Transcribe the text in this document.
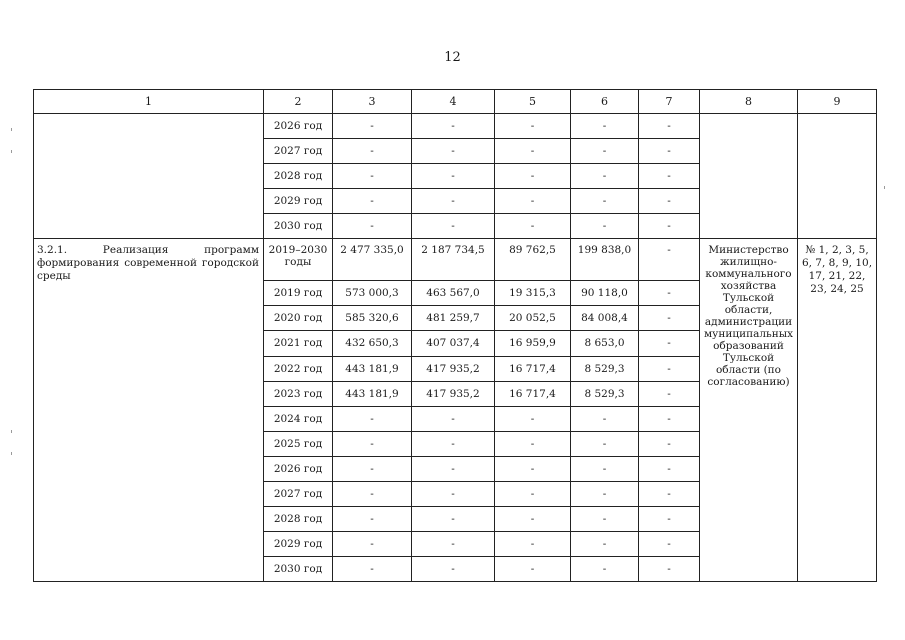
12
1	2	3	4	5	6	7	8	9
	2026 год	-	-	-	-	-		
	2027 год	-	-	-	-	-		
	2028 год	-	-	-	-	-		
	2029 год	-	-	-	-	-		
	2030 год	-	-	-	-	-		
3.2.1. Реализация программ формирования современной городской среды	2019–2030 годы	2 477 335,0	2 187 734,5	89 762,5	199 838,0	-	Министерство жилищно-коммунального хозяйства Тульской области, администрации муниципальных образований Тульской области (по согласованию)	№ 1, 2, 3, 5, 6, 7, 8, 9, 10, 17, 21, 22, 23, 24, 25
	2019 год	573 000,3	463 567,0	19 315,3	90 118,0	-		
	2020 год	585 320,6	481 259,7	20 052,5	84 008,4	-		
	2021 год	432 650,3	407 037,4	16 959,9	8 653,0	-		
	2022 год	443 181,9	417 935,2	16 717,4	8 529,3	-		
	2023 год	443 181,9	417 935,2	16 717,4	8 529,3	-		
	2024 год	-	-	-	-	-		
	2025 год	-	-	-	-	-		
	2026 год	-	-	-	-	-		
	2027 год	-	-	-	-	-		
	2028 год	-	-	-	-	-		
	2029 год	-	-	-	-	-		
	2030 год	-	-	-	-	-		
